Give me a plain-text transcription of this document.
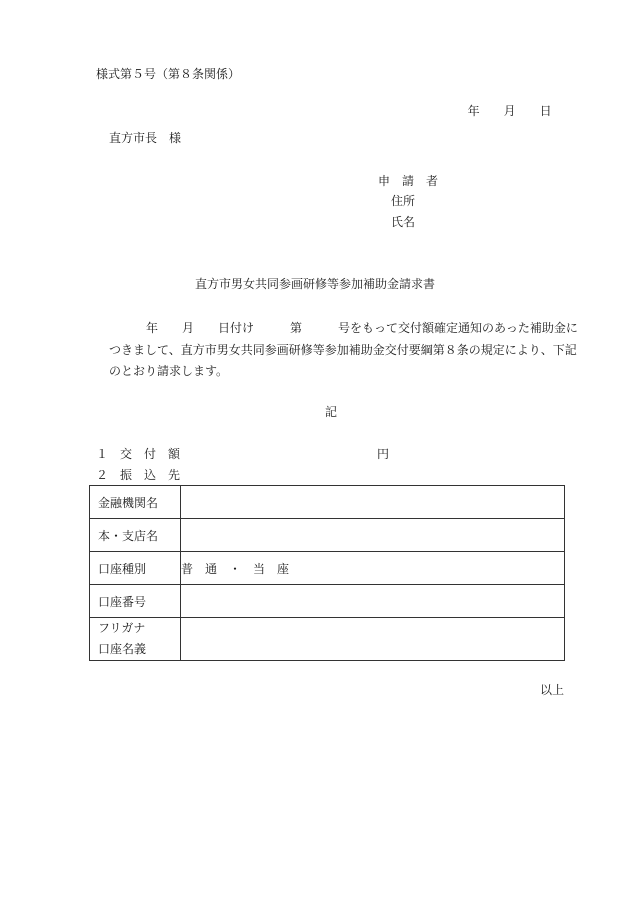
様式第５号（第８条関係）

年 月 日

直方市長　様
申　請　者
住所
氏名
直方市男女共同参画研修等参加補助金請求書
年　　月　　日付け　　　第　　　号をもって交付額確定通知のあった補助金に
つきまして、直方市男女共同参画研修等参加補助金交付要綱第８条の規定により、下記
のとおり請求します。
記
１　交　付　額	円
２　振　込　先
金融機関名	
本・支店名	
口座種別	普　通　・　当　座
口座番号	

フリガナ
口座名義	

以上
